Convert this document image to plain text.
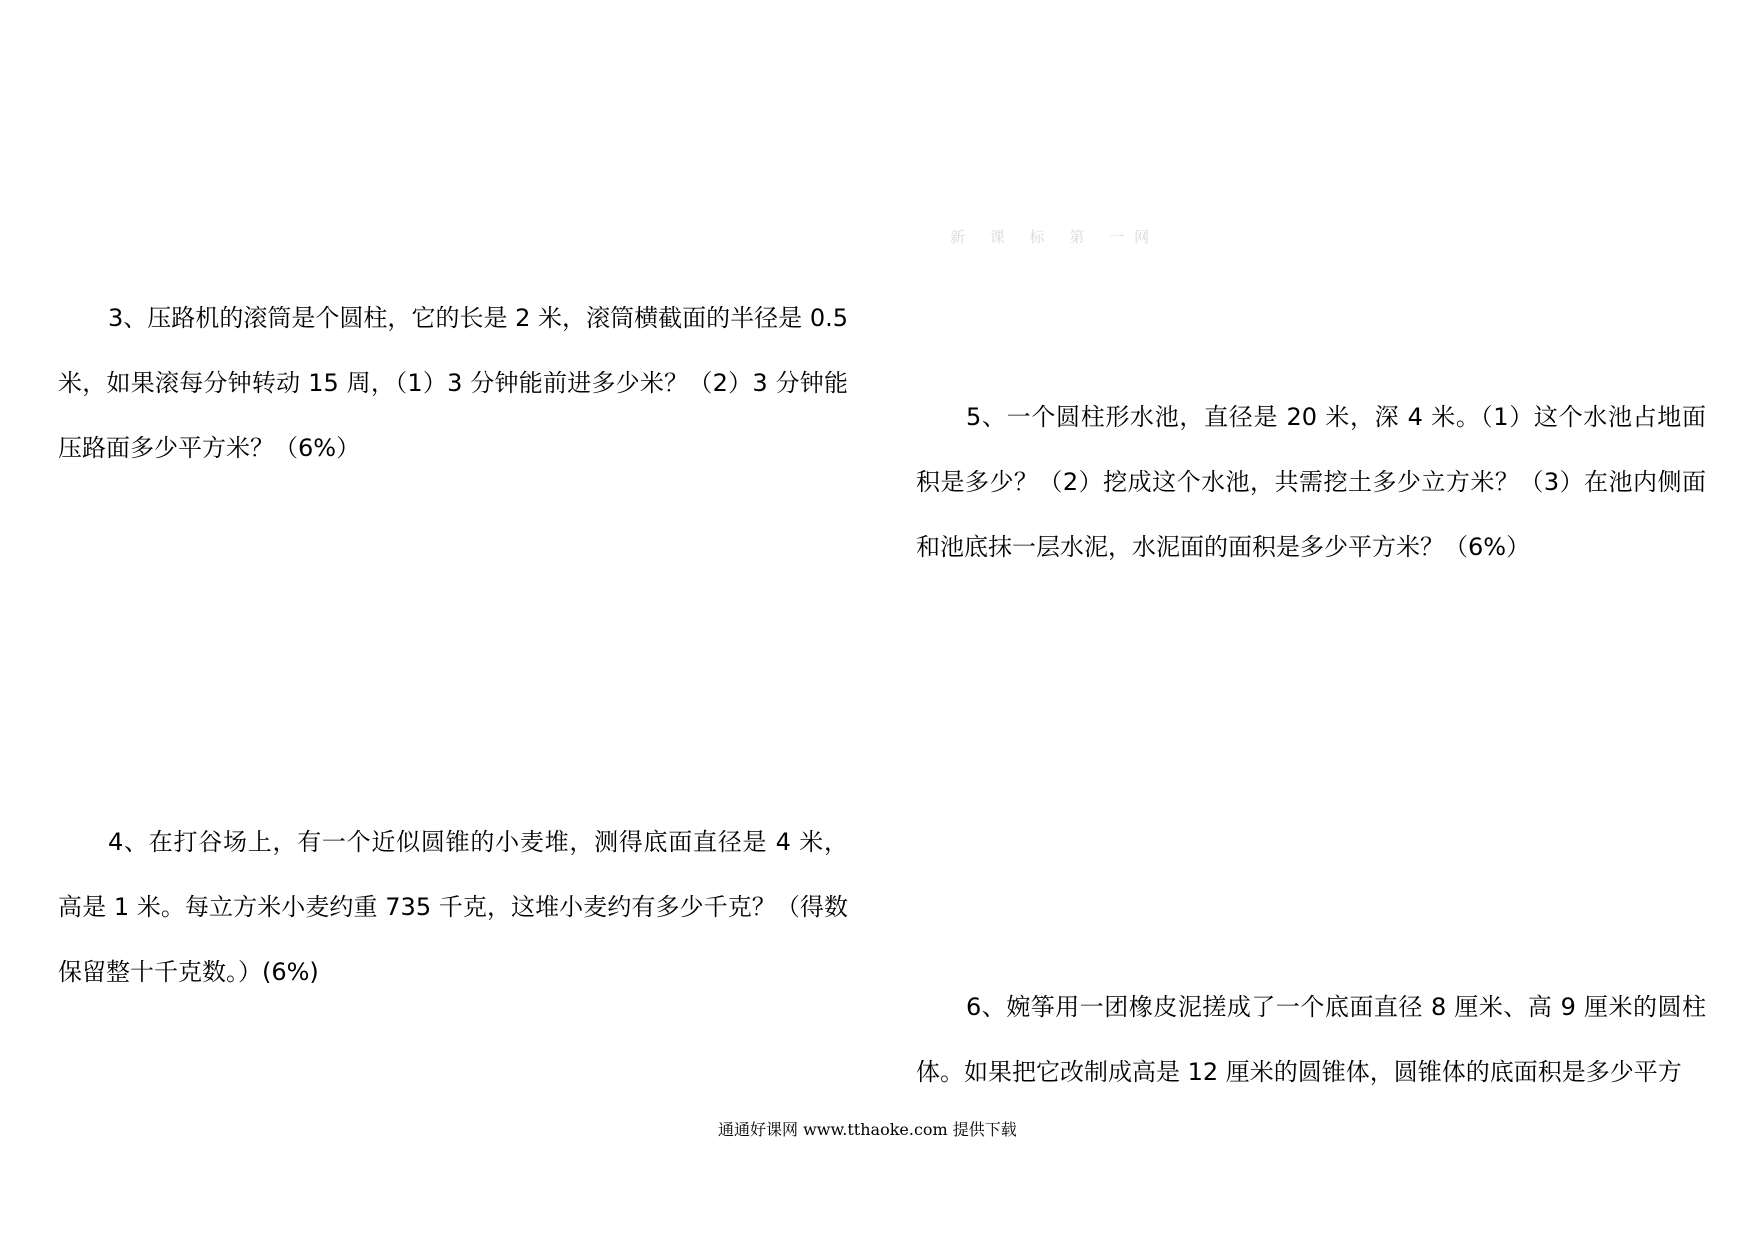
新 课 标 第 一网

3、压路机的滚筒是个圆柱，它的长是 2 米，滚筒横截面的半径是 0.5 米，如果滚每分钟转动 15 周，（1）3 分钟能前进多少米？（2）3 分钟能压路面多少平方米？（6%）

4、在打谷场上，有一个近似圆锥的小麦堆，测得底面直径是 4 米，高是 1 米。每立方米小麦约重 735 千克，这堆小麦约有多少千克？（得数保留整十千克数。）(6%)

5、一个圆柱形水池，直径是 20 米，深 4 米。（1）这个水池占地面积是多少？（2）挖成这个水池，共需挖土多少立方米？（3）在池内侧面和池底抹一层水泥，水泥面的面积是多少平方米？（6%）

6、婉筝用一团橡皮泥搓成了一个底面直径 8 厘米、高 9 厘米的圆柱体。如果把它改制成高是 12 厘米的圆锥体，圆锥体的底面积是多少平方

通通好课网 www.tthaoke.com 提供下载
